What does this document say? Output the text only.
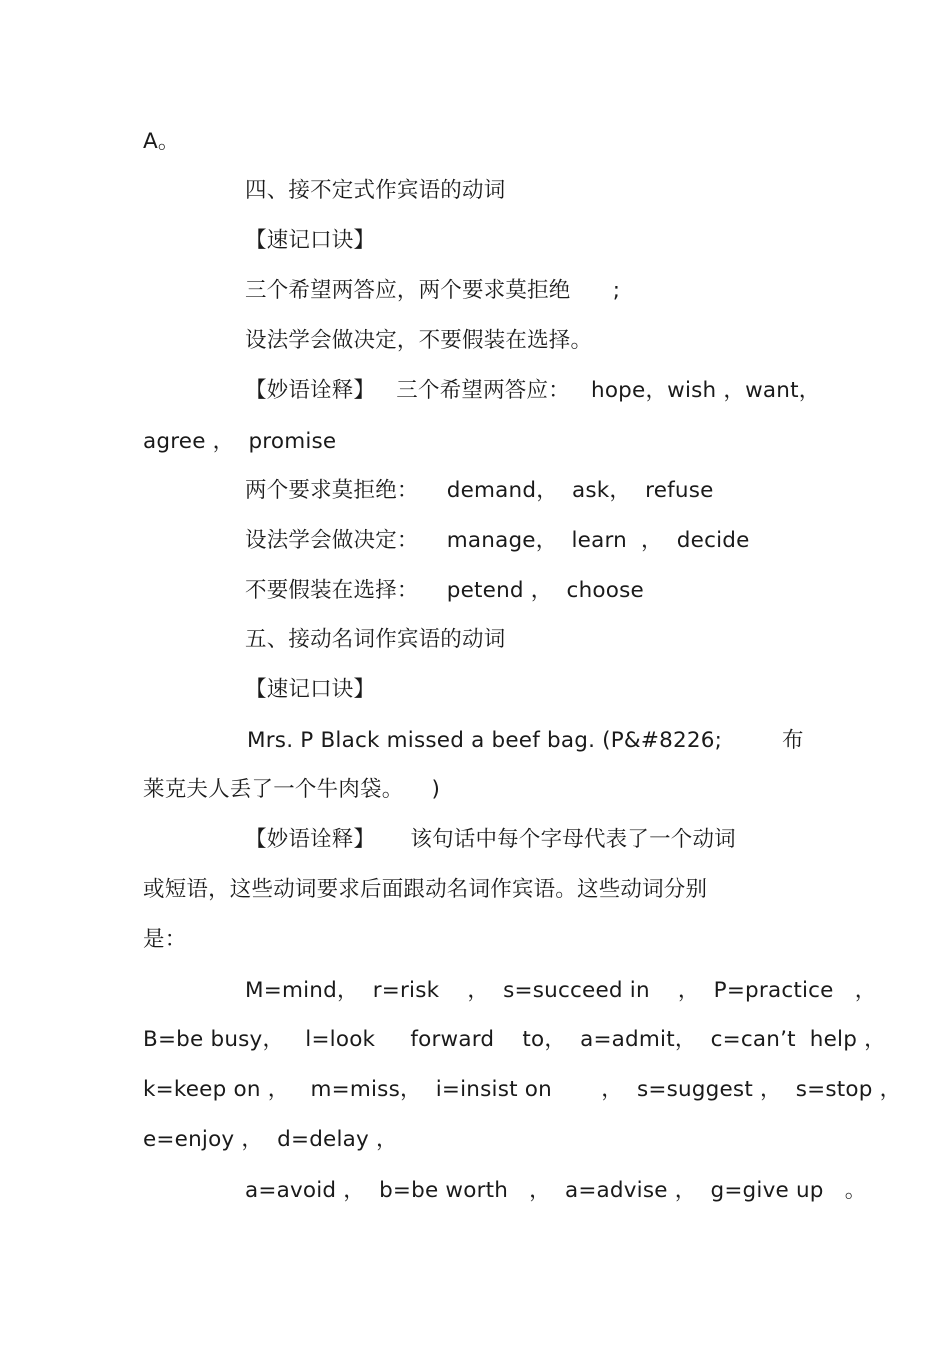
A。
四、接不定式作宾语的动词
【速记口诀】
三个希望两答应，两个要求莫拒绝      ;
设法学会做决定，不要假装在选择。
【妙语诠释】   三个希望两答应：   hope，wish ，want，
agree ，  promise
两个要求莫拒绝：    demand，  ask，  refuse
设法学会做决定：    manage，  learn  ，  decide
不要假装在选择：    petend ，  choose
五、接动名词作宾语的动词
【速记口诀】
Mrs. P Black missed a beef bag. (P&#8226;	布
莱克夫人丢了一个牛肉袋。    )
【妙语诠释】     该句话中每个字母代表了一个动词
或短语，这些动词要求后面跟动名词作宾语。这些动词分别
是：
M=mind，  r=risk    ，  s=succeed in    ，  P=practice   ，
B=be busy，   l=look     forward    to，  a=admit，  c=can’t  help ，
k=keep on ，   m=miss，  i=insist on       ，  s=suggest ，  s=stop ，
e=enjoy ，  d=delay ，
a=avoid ，  b=be worth   ，  a=advise ，  g=give up   。
